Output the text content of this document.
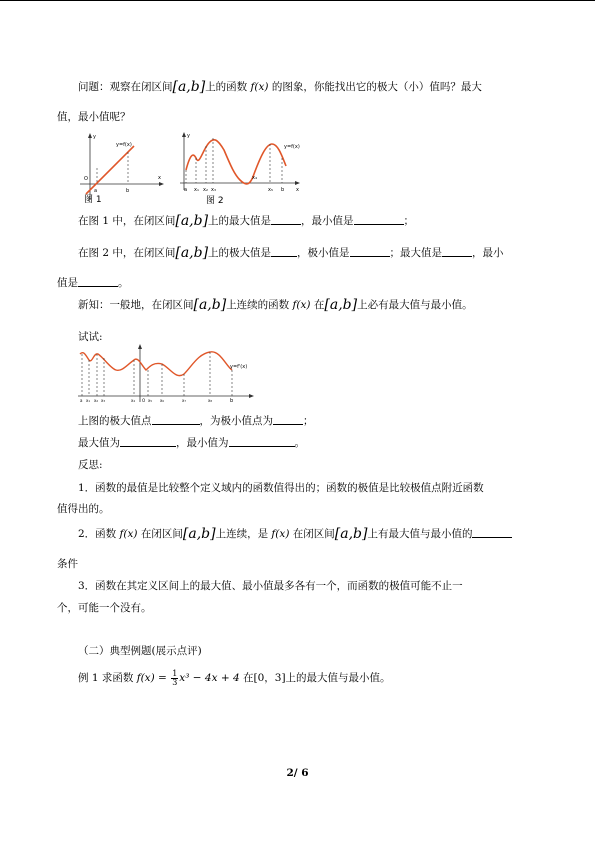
问题：观察在闭区间[a,b]上的函数 f(x) 的图象，你能找出它的极大（小）值吗？最大
值，最小值呢？
y=f(x)
O
a	b
x
y
图 1
y=f(x)
a x₁ x₂ x₃
x₄
x₅ b x
y
图 2
在图 1 中，在闭区间[a,b]上的最大值是	，最小值是	；
在图 2 中，在闭区间[a,b]上的极大值是 ，极小值是	；最大值是	，最小
值是	。
新知：一般地，在闭区间[a,b]上连续的函数 f(x) 在[a,b]上必有最大值与最小值。
试试:
y=f'(x)
a x₁ x₂ x₃	x₄ O x₅ x₆	x₇	x₈	b
上图的极大值点	，为极小值点为	；
最大值为	，最小值为	。
反思:
1．函数的最值是比较整个定义域内的函数值得出的；函数的极值是比较极值点附近函数
值得出的。
2．函数 f(x) 在闭区间[a,b]上连续，是 f(x) 在闭区间[a,b]上有最大值与最小值的
条件
3．函数在其定义区间上的最大值、最小值最多各有一个，而函数的极值可能不止一
个，可能一个没有。
（二）典型例题(展示点评)
例 1 求函数 $f(x) = \frac{1}{3} x^3 - 4x + 4$ 在[0，3]上的最大值与最小值。
2/ 6
